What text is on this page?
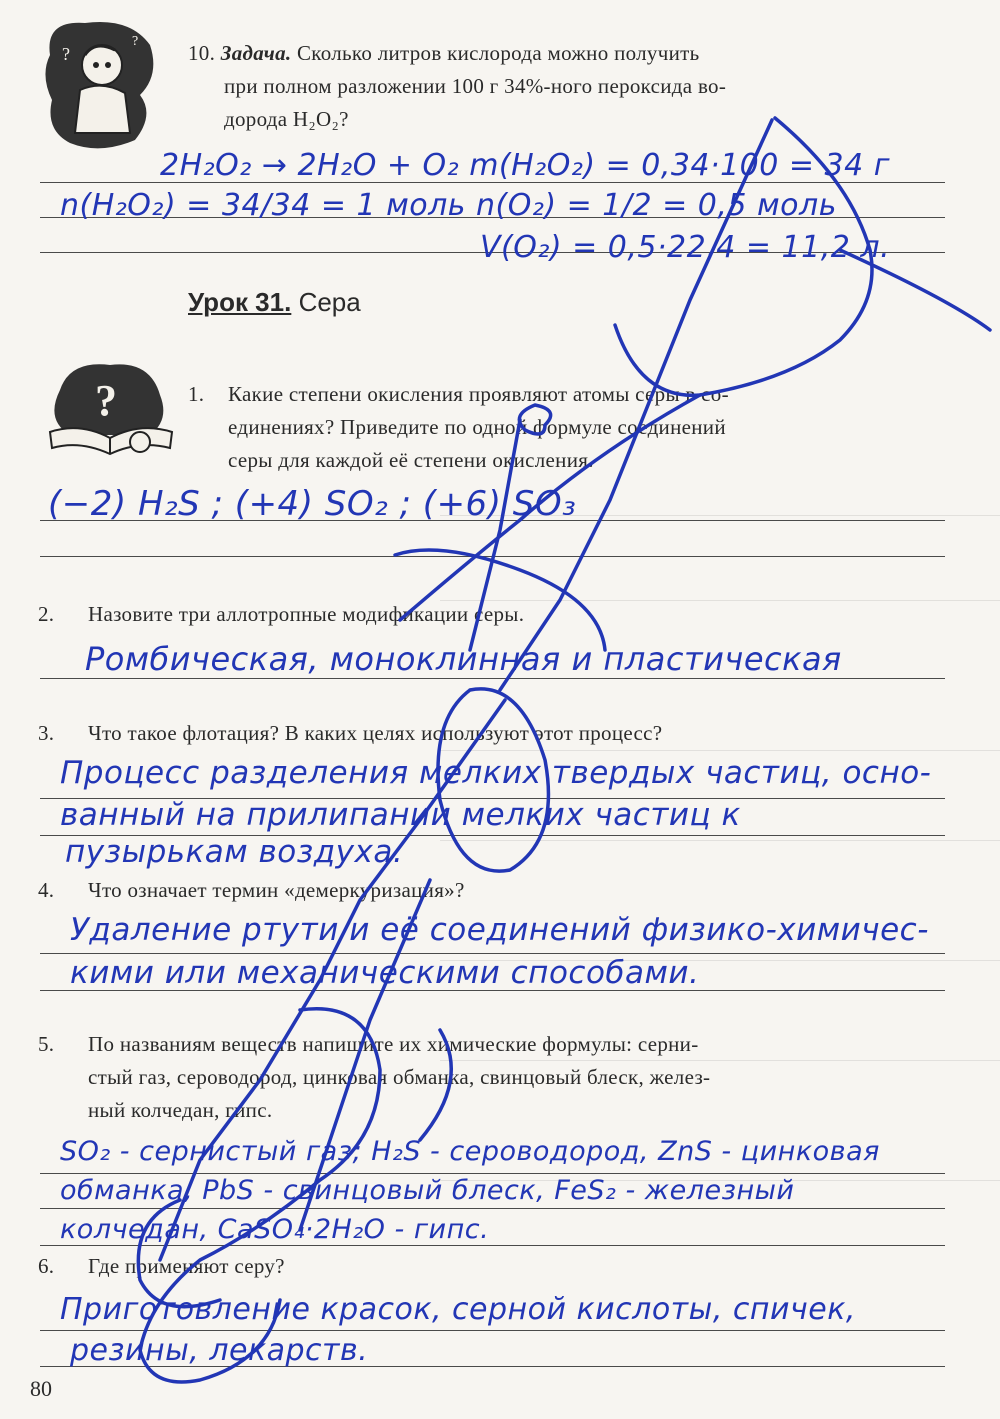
?
? 10. Задача. Сколько литров кислорода можно получить
при полном разложении 100 г 34%-ного пероксида во-
дорода H₂O₂?
2H₂O₂ → 2H₂O + O₂ m(H₂O₂) = 0,34·100 = 34 г
n(H₂O₂) = 34/34 = 1 моль n(O₂) = 1/2 = 0,5 моль
V(O₂) = 0,5·22,4 = 11,2 л.
Урок 31. Сера
?	1. Какие степени окисления проявляют атомы серы в со-
единениях? Приведите по одной формуле соединений
серы для каждой её степени окисления.
(−2) H₂S ; (+4) SO₂ ; (+6) SO₃
2. Назовите три аллотропные модификации серы.
Ромбическая, моноклинная и пластическая
3. Что такое флотация? В каких целях используют этот процесс?
Процесс разделения мелких твердых частиц, осно-
ванный на прилипании мелких частиц к
пузырькам воздуха.
4. Что означает термин «демеркуризация»?
Удаление ртути и её соединений физико-химичес-
кими или механическими способами.
5. По названиям веществ напишите их химические формулы: серни-
стый газ, сероводород, цинковая обманка, свинцовый блеск, желез-
ный колчедан, гипс.
SO₂ - сернистый газ; H₂S - сероводород, ZnS - цинковая
обманка, PbS - свинцовый блеск, FeS₂ - железный
колчедан, CaSO₄·2H₂O - гипс.
6. Где применяют серу?
Приготовление красок, серной кислоты, спичек,
резины, лекарств.
80
